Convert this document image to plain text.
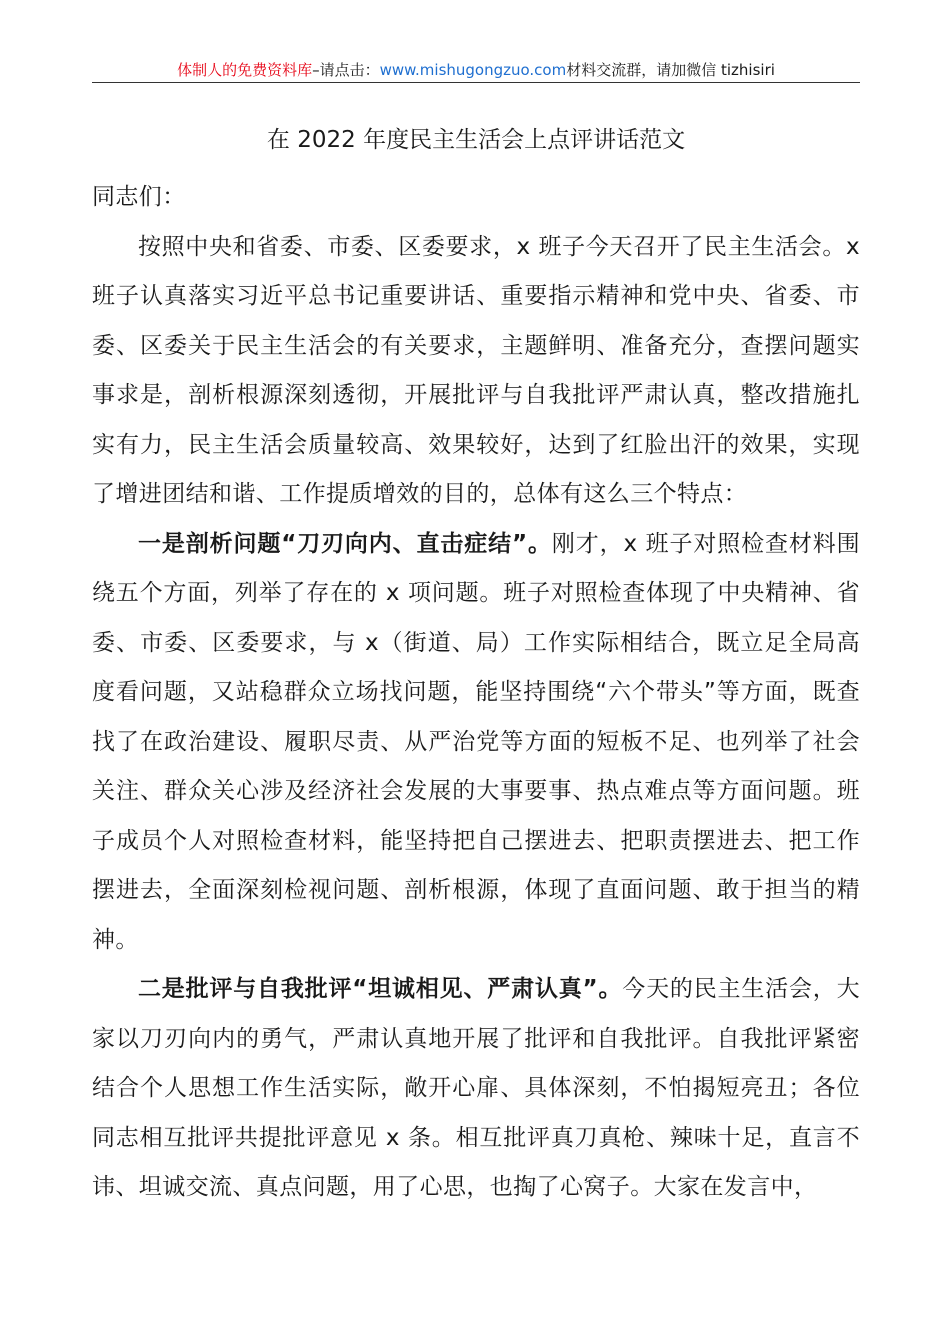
体制人的免费资料库–请点击：www.mishugongzuo.com材料交流群，请加微信 tizhisiri
在 2022 年度民主生活会上点评讲话范文

同志们：

按照中央和省委、市委、区委要求，x 班子今天召开了民主生活会。x 班子认真落实习近平总书记重要讲话、重要指示精神和党中央、省委、市委、区委关于民主生活会的有关要求，主题鲜明、准备充分，查摆问题实事求是，剖析根源深刻透彻，开展批评与自我批评严肃认真，整改措施扎实有力，民主生活会质量较高、效果较好，达到了红脸出汗的效果，实现了增进团结和谐、工作提质增效的目的，总体有这么三个特点：

一是剖析问题“刀刃向内、直击症结”。刚才，x 班子对照检查材料围绕五个方面，列举了存在的 x 项问题。班子对照检查体现了中央精神、省委、市委、区委要求，与 x（街道、局）工作实际相结合，既立足全局高度看问题，又站稳群众立场找问题，能坚持围绕“六个带头”等方面，既查找了在政治建设、履职尽责、从严治党等方面的短板不足、也列举了社会关注、群众关心涉及经济社会发展的大事要事、热点难点等方面问题。班子成员个人对照检查材料，能坚持把自己摆进去、把职责摆进去、把工作摆进去，全面深刻检视问题、剖析根源，体现了直面问题、敢于担当的精神。

二是批评与自我批评“坦诚相见、严肃认真”。今天的民主生活会，大家以刀刃向内的勇气，严肃认真地开展了批评和自我批评。自我批评紧密结合个人思想工作生活实际，敞开心扉、具体深刻，不怕揭短亮丑；各位同志相互批评共提批评意见 x 条。相互批评真刀真枪、辣味十足，直言不讳、坦诚交流、真点问题，用了心思，也掏了心窝子。大家在发言中，
